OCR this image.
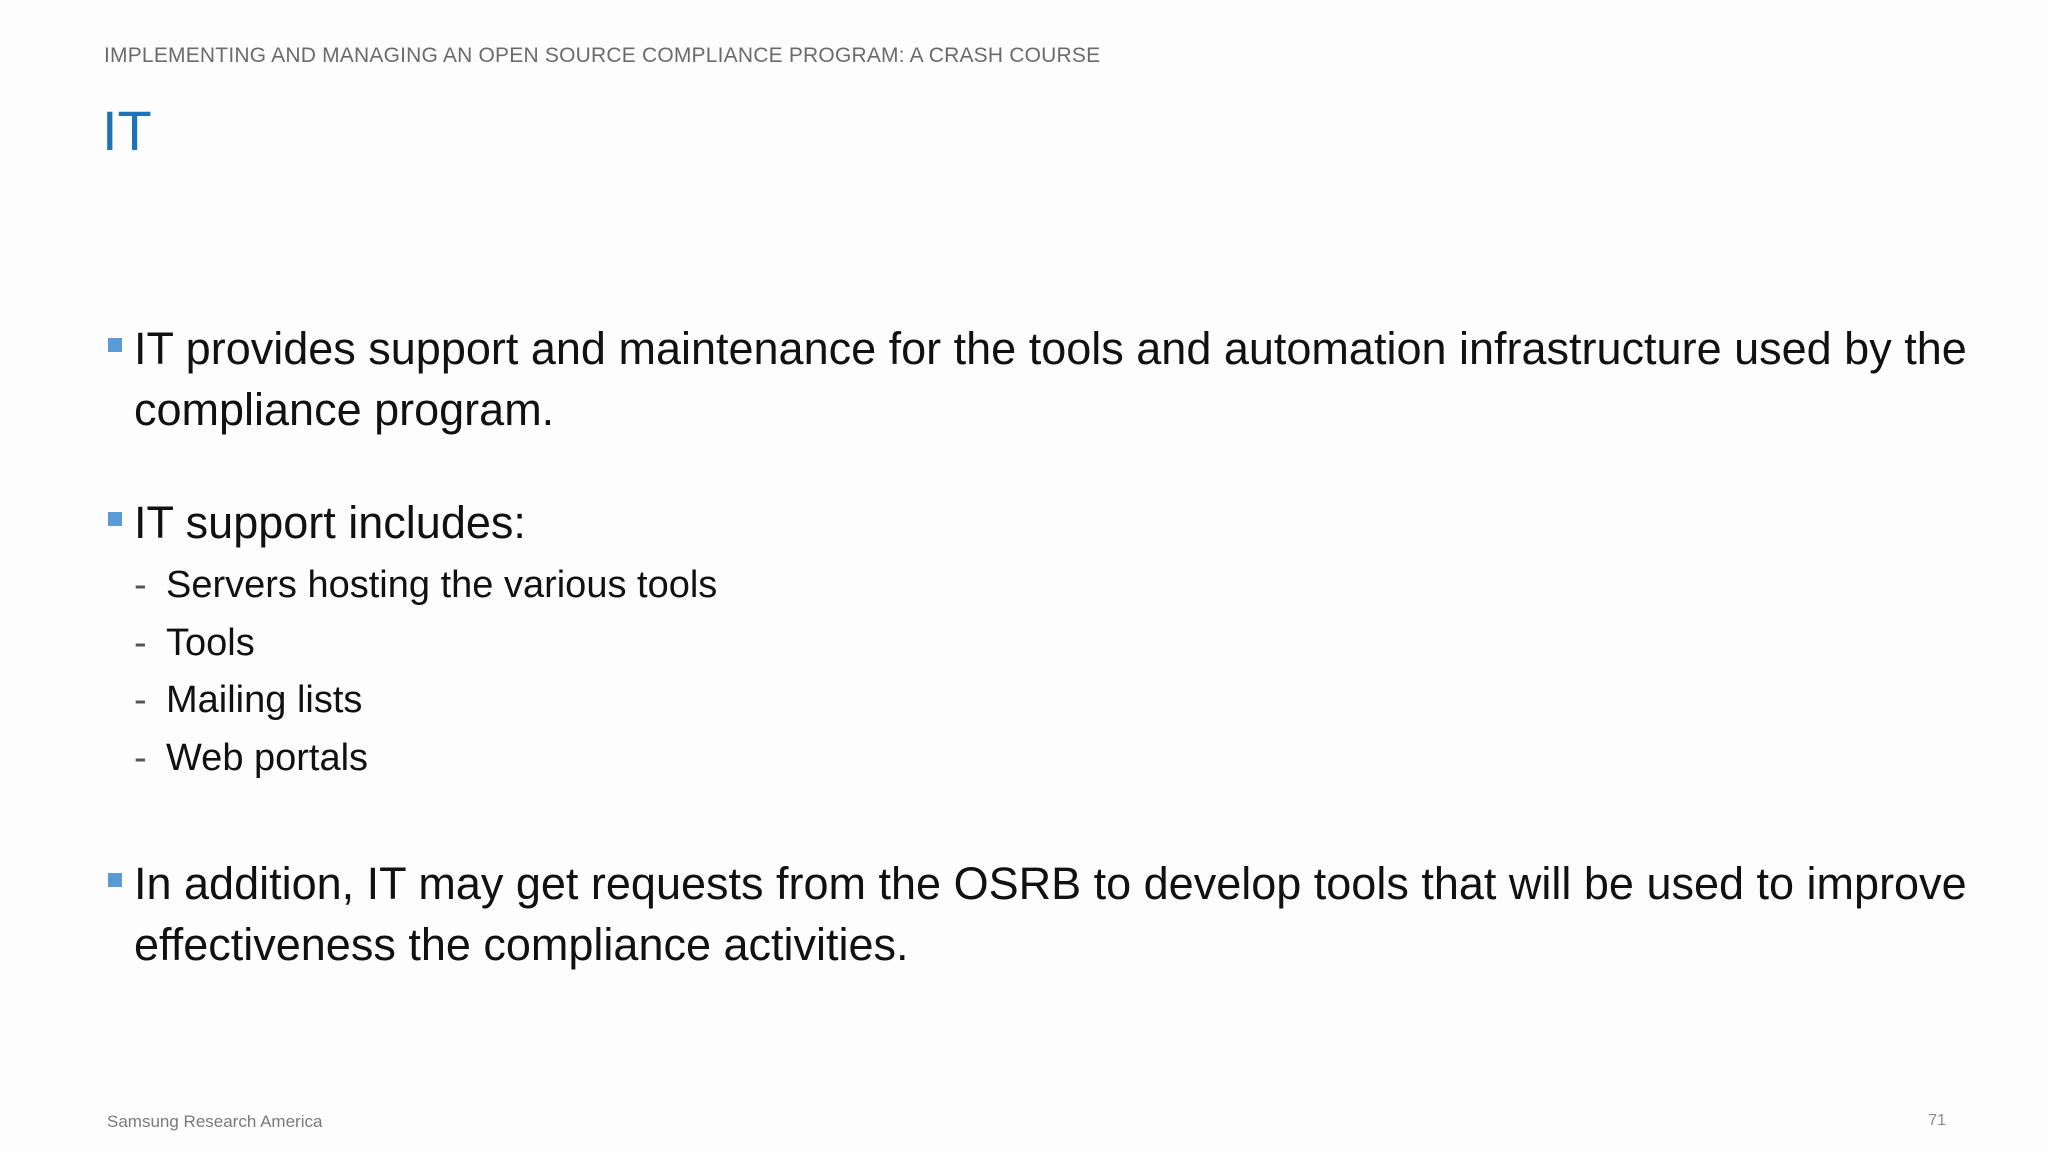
IMPLEMENTING AND MANAGING AN OPEN SOURCE COMPLIANCE PROGRAM: A CRASH COURSE
IT
IT provides support and maintenance for the tools and automation infrastructure used by the compliance program.
IT support includes:
- Servers hosting the various tools
- Tools
- Mailing lists
- Web portals
In addition, IT may get requests from the OSRB to develop tools that will be used to improve effectiveness the compliance activities.
Samsung Research America	71
